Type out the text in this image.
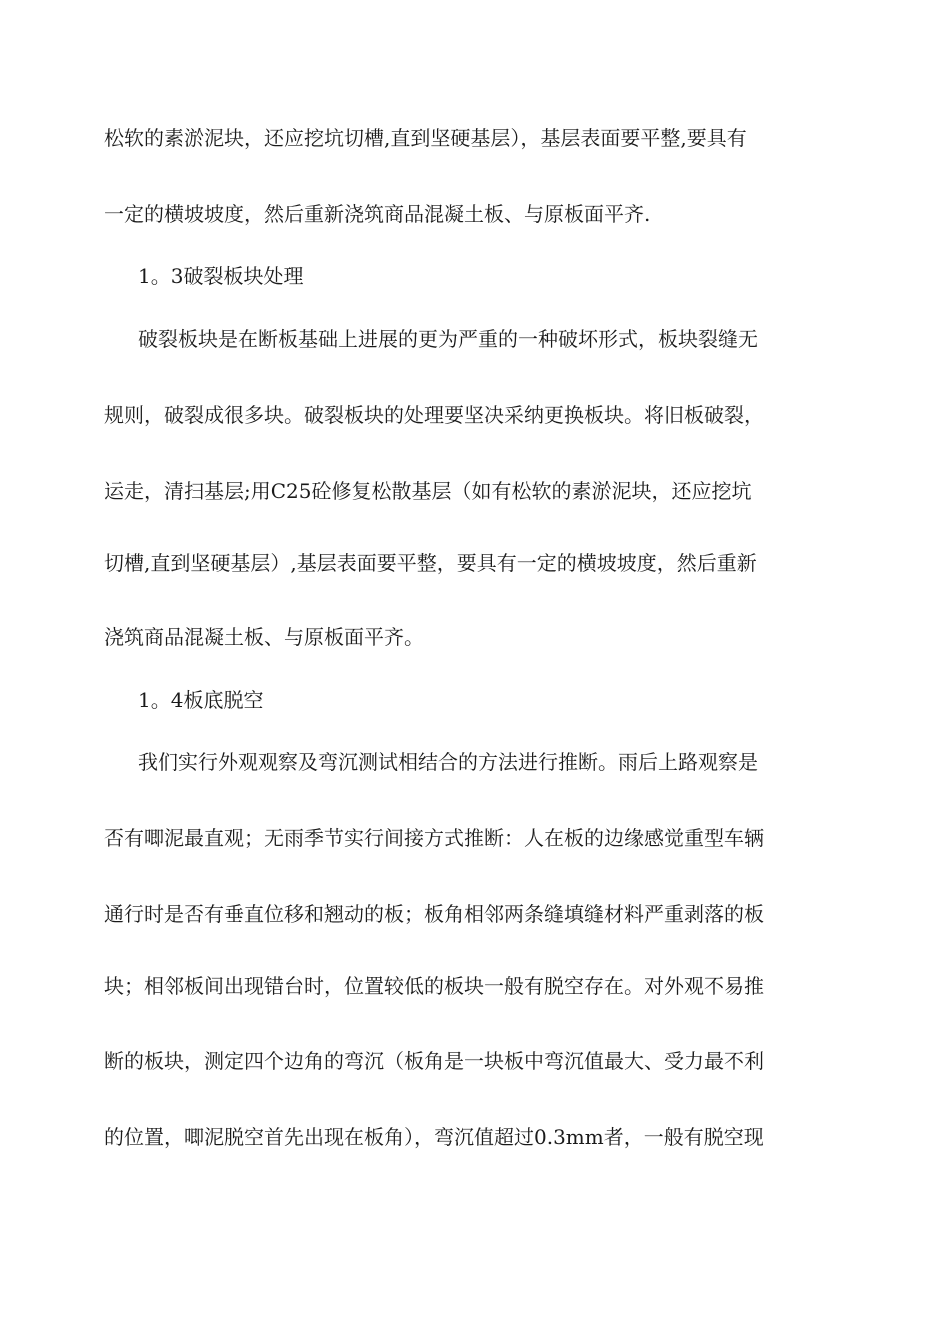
松软的素淤泥块，还应挖坑切槽,直到坚硬基层），基层表面要平整,要具有
一定的横坡坡度，然后重新浇筑商品混凝土板、与原板面平齐.
1。3破裂板块处理
破裂板块是在断板基础上进展的更为严重的一种破坏形式，板块裂缝无
规则，破裂成很多块。破裂板块的处理要坚决采纳更换板块。将旧板破裂，
运走，清扫基层;用C25砼修复松散基层（如有松软的素淤泥块，还应挖坑
切槽,直到坚硬基层）,基层表面要平整，要具有一定的横坡坡度，然后重新
浇筑商品混凝土板、与原板面平齐。
1。4板底脱空
我们实行外观观察及弯沉测试相结合的方法进行推断。雨后上路观察是
否有唧泥最直观；无雨季节实行间接方式推断：人在板的边缘感觉重型车辆
通行时是否有垂直位移和翘动的板；板角相邻两条缝填缝材料严重剥落的板
块；相邻板间出现错台时，位置较低的板块一般有脱空存在。对外观不易推
断的板块，测定四个边角的弯沉（板角是一块板中弯沉值最大、受力最不利
的位置，唧泥脱空首先出现在板角），弯沉值超过0.3mm者，一般有脱空现
